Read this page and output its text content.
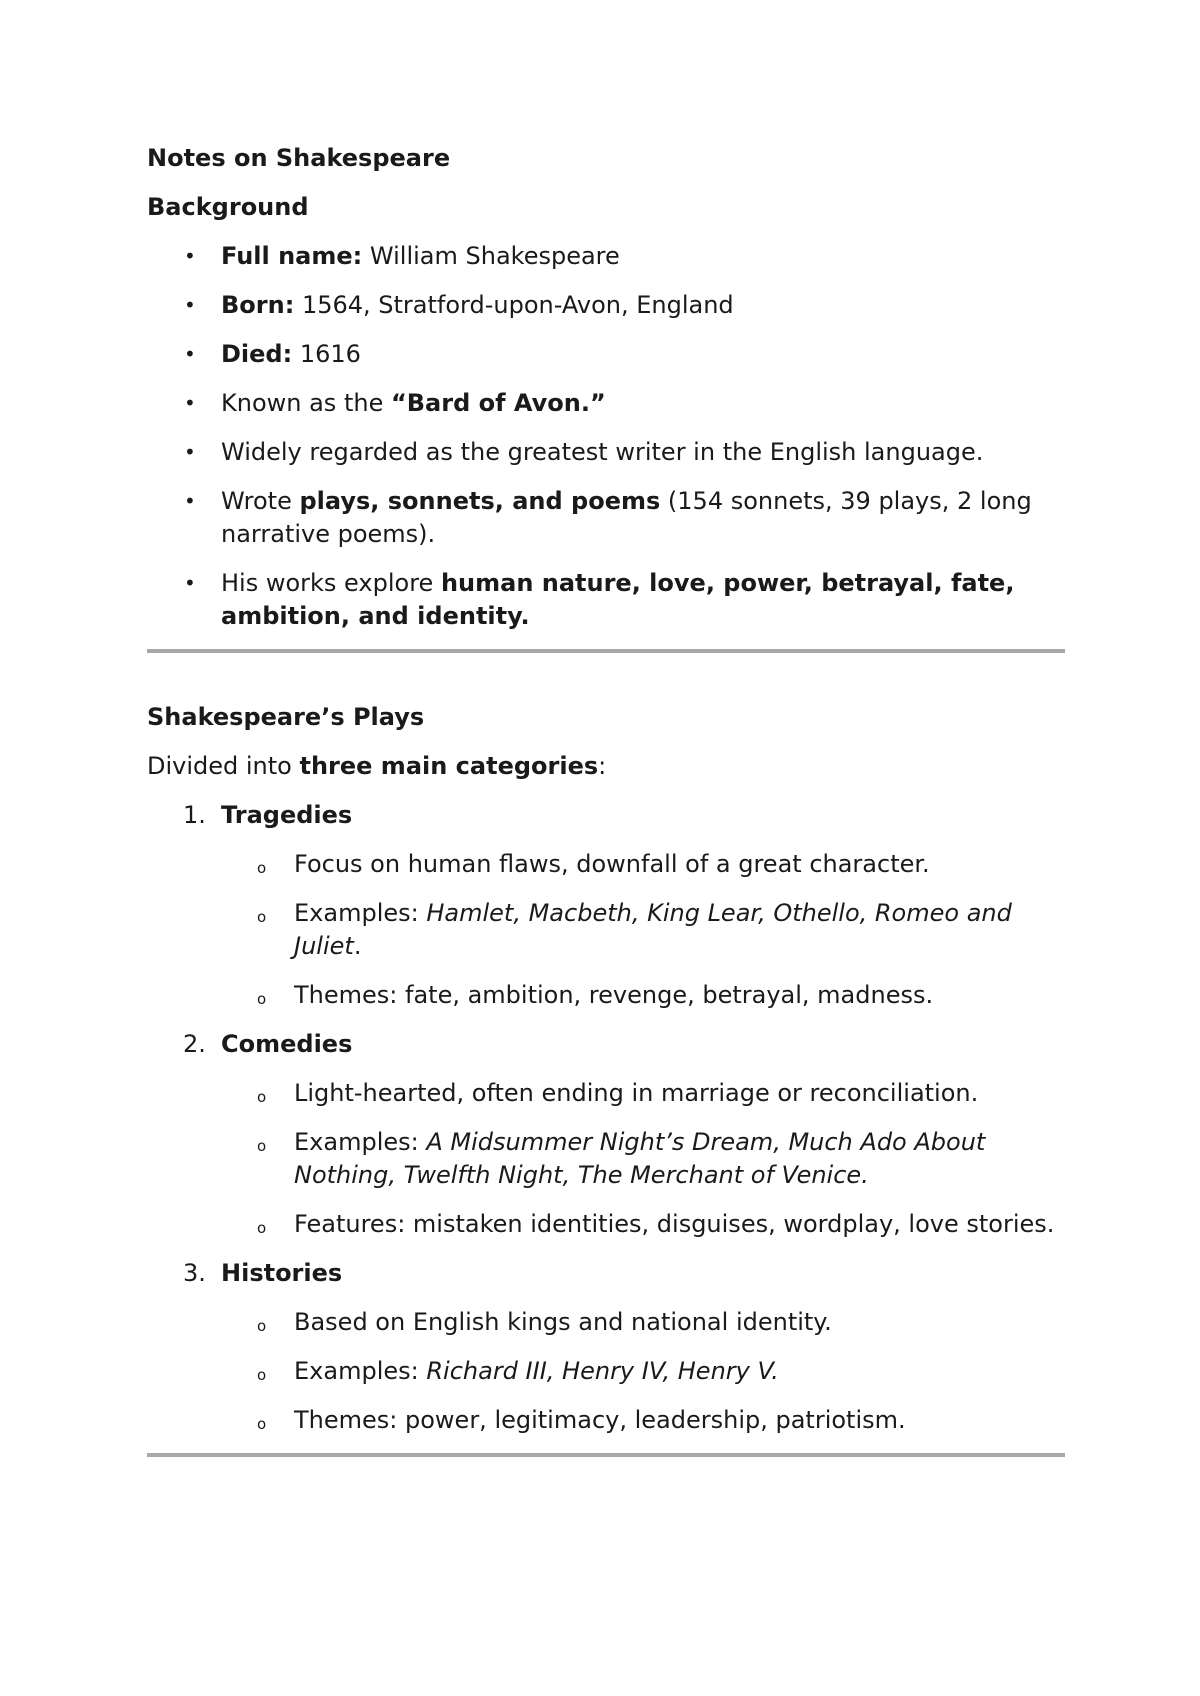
Notes on Shakespeare

Background

• Full name: William Shakespeare
• Born: 1564, Stratford-upon-Avon, England
• Died: 1616
• Known as the “Bard of Avon.”
• Widely regarded as the greatest writer in the English language.
• Wrote plays, sonnets, and poems (154 sonnets, 39 plays, 2 long narrative poems).
• His works explore human nature, love, power, betrayal, fate, ambition, and identity.

Shakespeare’s Plays

Divided into three main categories:

1. Tragedies
o Focus on human flaws, downfall of a great character.
o Examples: Hamlet, Macbeth, King Lear, Othello, Romeo and Juliet.
o Themes: fate, ambition, revenge, betrayal, madness.
2. Comedies
o Light-hearted, often ending in marriage or reconciliation.
o Examples: A Midsummer Night’s Dream, Much Ado About Nothing, Twelfth Night, The Merchant of Venice.
o Features: mistaken identities, disguises, wordplay, love stories.
3. Histories
o Based on English kings and national identity.
o Examples: Richard III, Henry IV, Henry V.
o Themes: power, legitimacy, leadership, patriotism.
